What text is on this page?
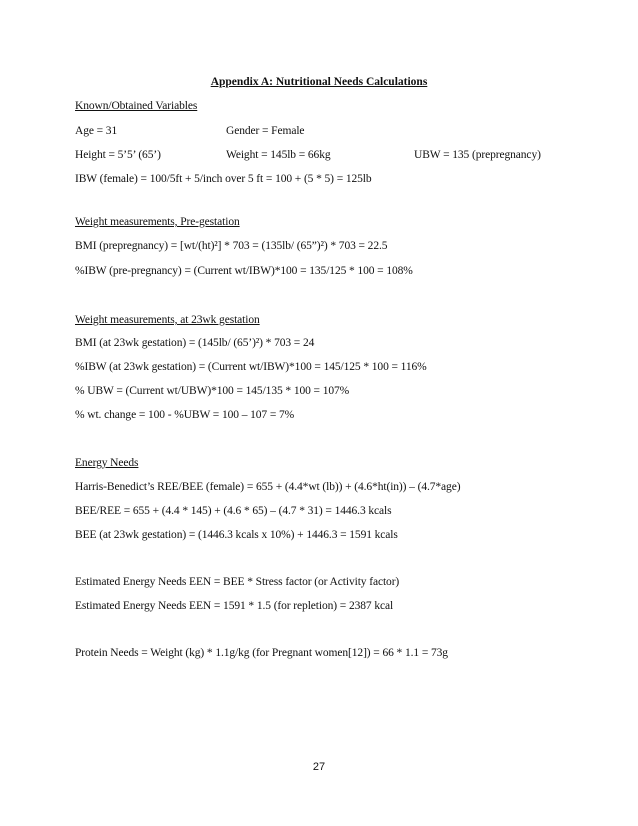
Appendix A: Nutritional Needs Calculations
Known/Obtained Variables
Age = 31	Gender = Female
Height = 5’5’ (65’)	Weight = 145lb = 66kg	UBW = 135 (prepregnancy)
IBW (female) = 100/5ft + 5/inch over 5 ft = 100 + (5 * 5) = 125lb
Weight measurements, Pre-gestation
BMI (prepregnancy) = [wt/(ht)²] * 703 = (135lb/ (65”)²) * 703 = 22.5
%IBW (pre-pregnancy) = (Current wt/IBW)*100 = 135/125 * 100 = 108%
Weight measurements, at 23wk gestation
BMI (at 23wk gestation) = (145lb/ (65’)²) * 703 = 24
%IBW (at 23wk gestation) = (Current wt/IBW)*100 = 145/125 * 100 = 116%
% UBW = (Current wt/UBW)*100 = 145/135 * 100 = 107%
% wt. change = 100 - %UBW = 100 – 107 = 7%
Energy Needs
Harris-Benedict’s REE/BEE (female) = 655 + (4.4*wt (lb)) + (4.6*ht(in)) – (4.7*age)
BEE/REE = 655 + (4.4 * 145) + (4.6 * 65) – (4.7 * 31) = 1446.3 kcals
BEE (at 23wk gestation) = (1446.3 kcals x 10%) + 1446.3 = 1591 kcals
Estimated Energy Needs EEN = BEE * Stress factor (or Activity factor)
Estimated Energy Needs EEN = 1591 * 1.5 (for repletion) = 2387 kcal
Protein Needs = Weight (kg) * 1.1g/kg (for Pregnant women[12]) = 66 * 1.1 = 73g
27
